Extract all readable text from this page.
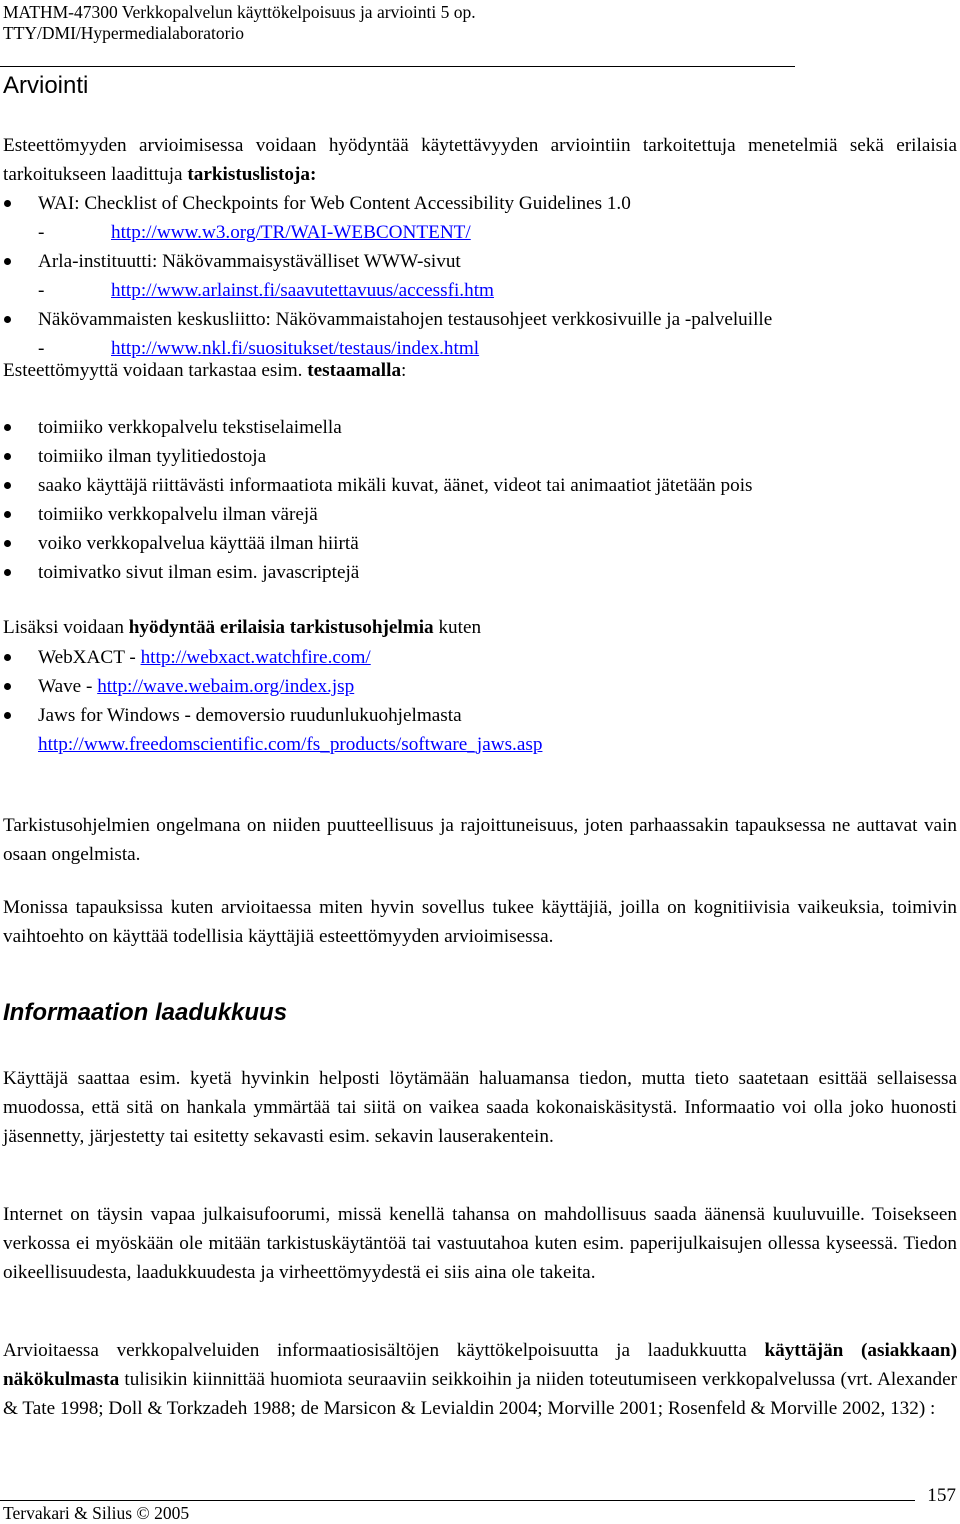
MATHM-47300 Verkkopalvelun käyttökelpoisuus ja arviointi 5 op.
TTY/DMI/Hypermedialaboratorio
Arviointi
Esteettömyyden arvioimisessa voidaan hyödyntää käytettävyyden arviointiin tarkoitettuja menetelmiä sekä erilaisia tarkoitukseen laadittuja tarkistuslistoja:
WAI: Checklist of Checkpoints for Web Content Accessibility Guidelines 1.0
-	http://www.w3.org/TR/WAI-WEBCONTENT/
Arla-instituutti: Näkövammaisystävälliset WWW-sivut
-	http://www.arlainst.fi/saavutettavuus/accessfi.htm
Näkövammaisten keskusliitto: Näkövammaistahojen testausohjeet verkkosivuille ja -palveluille
-	http://www.nkl.fi/suositukset/testaus/index.html
Esteettömyyttä voidaan tarkastaa esim. testaamalla:
toimiiko verkkopalvelu tekstiselaimella
toimiiko ilman tyylitiedostoja
saako käyttäjä riittävästi informaatiota mikäli kuvat, äänet, videot tai animaatiot jätetään pois
toimiiko verkkopalvelu ilman värejä
voiko verkkopalvelua käyttää ilman hiirtä
toimivatko sivut ilman esim. javascriptejä
Lisäksi voidaan hyödyntää erilaisia tarkistusohjelmia kuten
WebXACT - http://webxact.watchfire.com/
Wave - http://wave.webaim.org/index.jsp
Jaws for Windows - demoversio ruudunlukuohjelmasta
http://www.freedomscientific.com/fs_products/software_jaws.asp
Tarkistusohjelmien ongelmana on niiden puutteellisuus ja rajoittuneisuus, joten parhaassakin tapauksessa ne auttavat vain osaan ongelmista.
Monissa tapauksissa kuten arvioitaessa miten hyvin sovellus tukee käyttäjiä, joilla on kognitiivisia vaikeuksia, toimivin vaihtoehto on käyttää todellisia käyttäjiä esteettömyyden arvioimisessa.
Informaation laadukkuus
Käyttäjä saattaa esim. kyetä hyvinkin helposti löytämään haluamansa tiedon, mutta tieto saatetaan esittää sellaisessa muodossa, että sitä on hankala ymmärtää tai siitä on vaikea saada kokonaiskäsitystä. Informaatio voi olla joko huonosti jäsennetty, järjestetty tai esitetty sekavasti esim. sekavin lauserakentein.
Internet on täysin vapaa julkaisufoorumi, missä kenellä tahansa on mahdollisuus saada äänensä kuuluvuille. Toisekseen verkossa ei myöskään ole mitään tarkistuskäytäntöä tai vastuutahoa kuten esim. paperijulkaisujen ollessa kyseessä. Tiedon oikeellisuudesta, laadukkuudesta ja virheettömyydestä ei siis aina ole takeita.
Arvioitaessa verkkopalveluiden informaatiosisältöjen käyttökelpoisuutta ja laadukkuutta käyttäjän (asiakkaan) näkökulmasta tulisikin kiinnittää huomiota seuraaviin seikkoihin ja niiden toteutumiseen verkkopalvelussa (vrt. Alexander & Tate 1998; Doll & Torkzadeh 1988; de Marsicon & Levialdin 2004; Morville 2001; Rosenfeld & Morville 2002, 132) :
157
Tervakari & Silius © 2005
